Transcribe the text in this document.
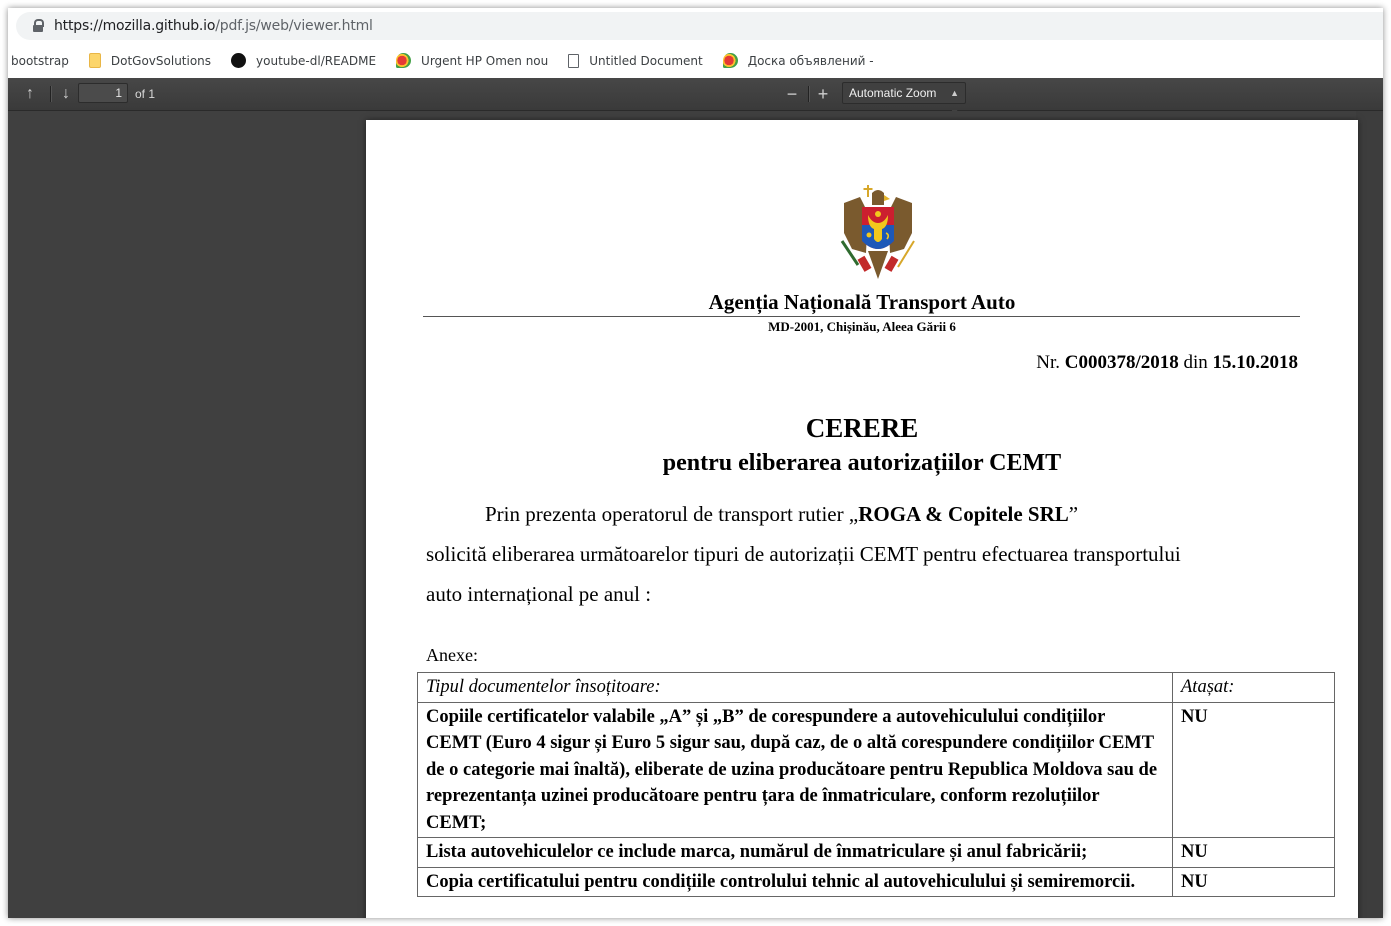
https://mozilla.github.io/pdf.js/web/viewer.html
bootstrap	DotGovSolutions	youtube-dl/README	Urgent HP Omen nou	Untitled Document	Доска объявлений -
↑	↓	1	of 1	− +	Automatic Zoom ▲

Agenția Națională Transport Auto
MD-2001, Chișinău, Aleea Gării 6
Nr. C000378/2018 din 15.10.2018
CERERE
pentru eliberarea autorizațiilor CEMT
Prin prezenta operatorul de transport rutier „ROGA & Copitele SRL”
solicită eliberarea următoarelor tipuri de autorizații CEMT pentru efectuarea transportului
auto internațional pe anul :
Anexe:
Tipul documentelor însoțitoare:	Atașat:
Copiile certificatelor valabile „A” și „B” de corespundere a autovehiculului condițiilor CEMT (Euro 4 sigur și Euro 5 sigur sau, după caz, de o altă corespundere condițiilor CEMT de o categorie mai înaltă), eliberate de uzina producătoare pentru Republica Moldova sau de reprezentanța uzinei producătoare pentru țara de înmatriculare, conform rezoluțiilor CEMT;	NU
Lista autovehiculelor ce include marca, numărul de înmatriculare și anul fabricării;	NU
Copia certificatului pentru condițiile controlului tehnic al autovehiculului și semiremorcii.	NU
